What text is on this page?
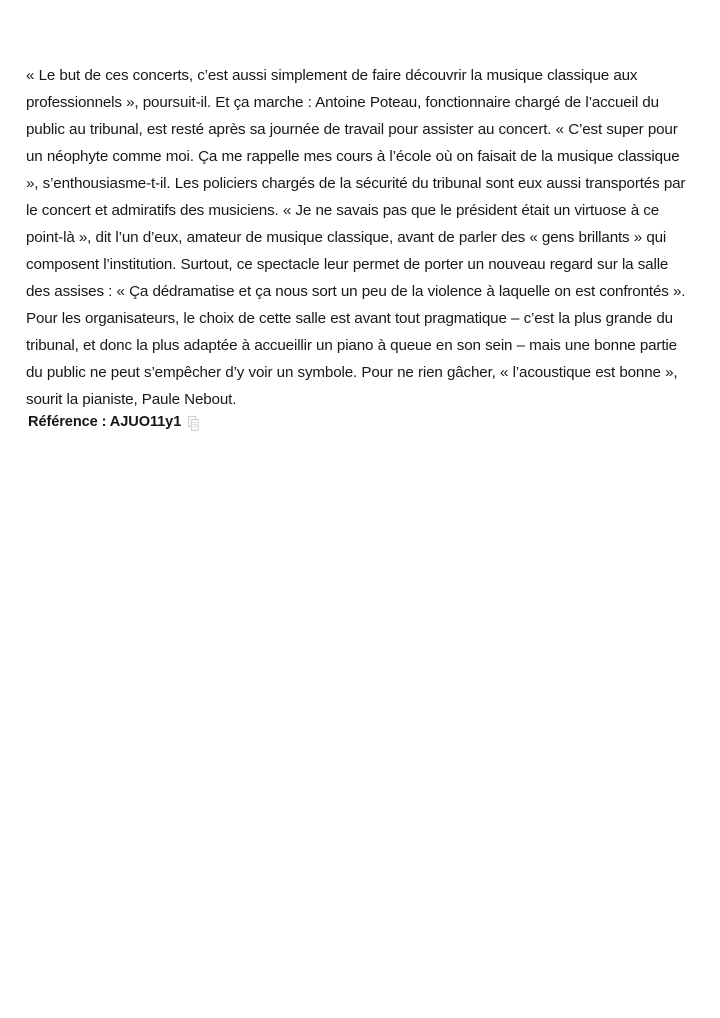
« Le but de ces concerts, c’est aussi simplement de faire découvrir la musique classique aux professionnels », poursuit-il. Et ça marche : Antoine Poteau, fonctionnaire chargé de l’accueil du public au tribunal, est resté après sa journée de travail pour assister au concert. « C’est super pour un néophyte comme moi. Ça me rappelle mes cours à l’école où on faisait de la musique classique », s’enthousiasme-t-il. Les policiers chargés de la sécurité du tribunal sont eux aussi transportés par le concert et admiratifs des musiciens. « Je ne savais pas que le président était un virtuose à ce point-là », dit l’un d’eux, amateur de musique classique, avant de parler des « gens brillants » qui composent l’institution. Surtout, ce spectacle leur permet de porter un nouveau regard sur la salle des assises : « Ça dédramatise et ça nous sort un peu de la violence à laquelle on est confrontés ». Pour les organisateurs, le choix de cette salle est avant tout pragmatique – c’est la plus grande du tribunal, et donc la plus adaptée à accueillir un piano à queue en son sein – mais une bonne partie du public ne peut s’empêcher d’y voir un symbole. Pour ne rien gâcher, « l’acoustique est bonne », sourit la pianiste, Paule Nebout.

Référence : AJUO11y1
